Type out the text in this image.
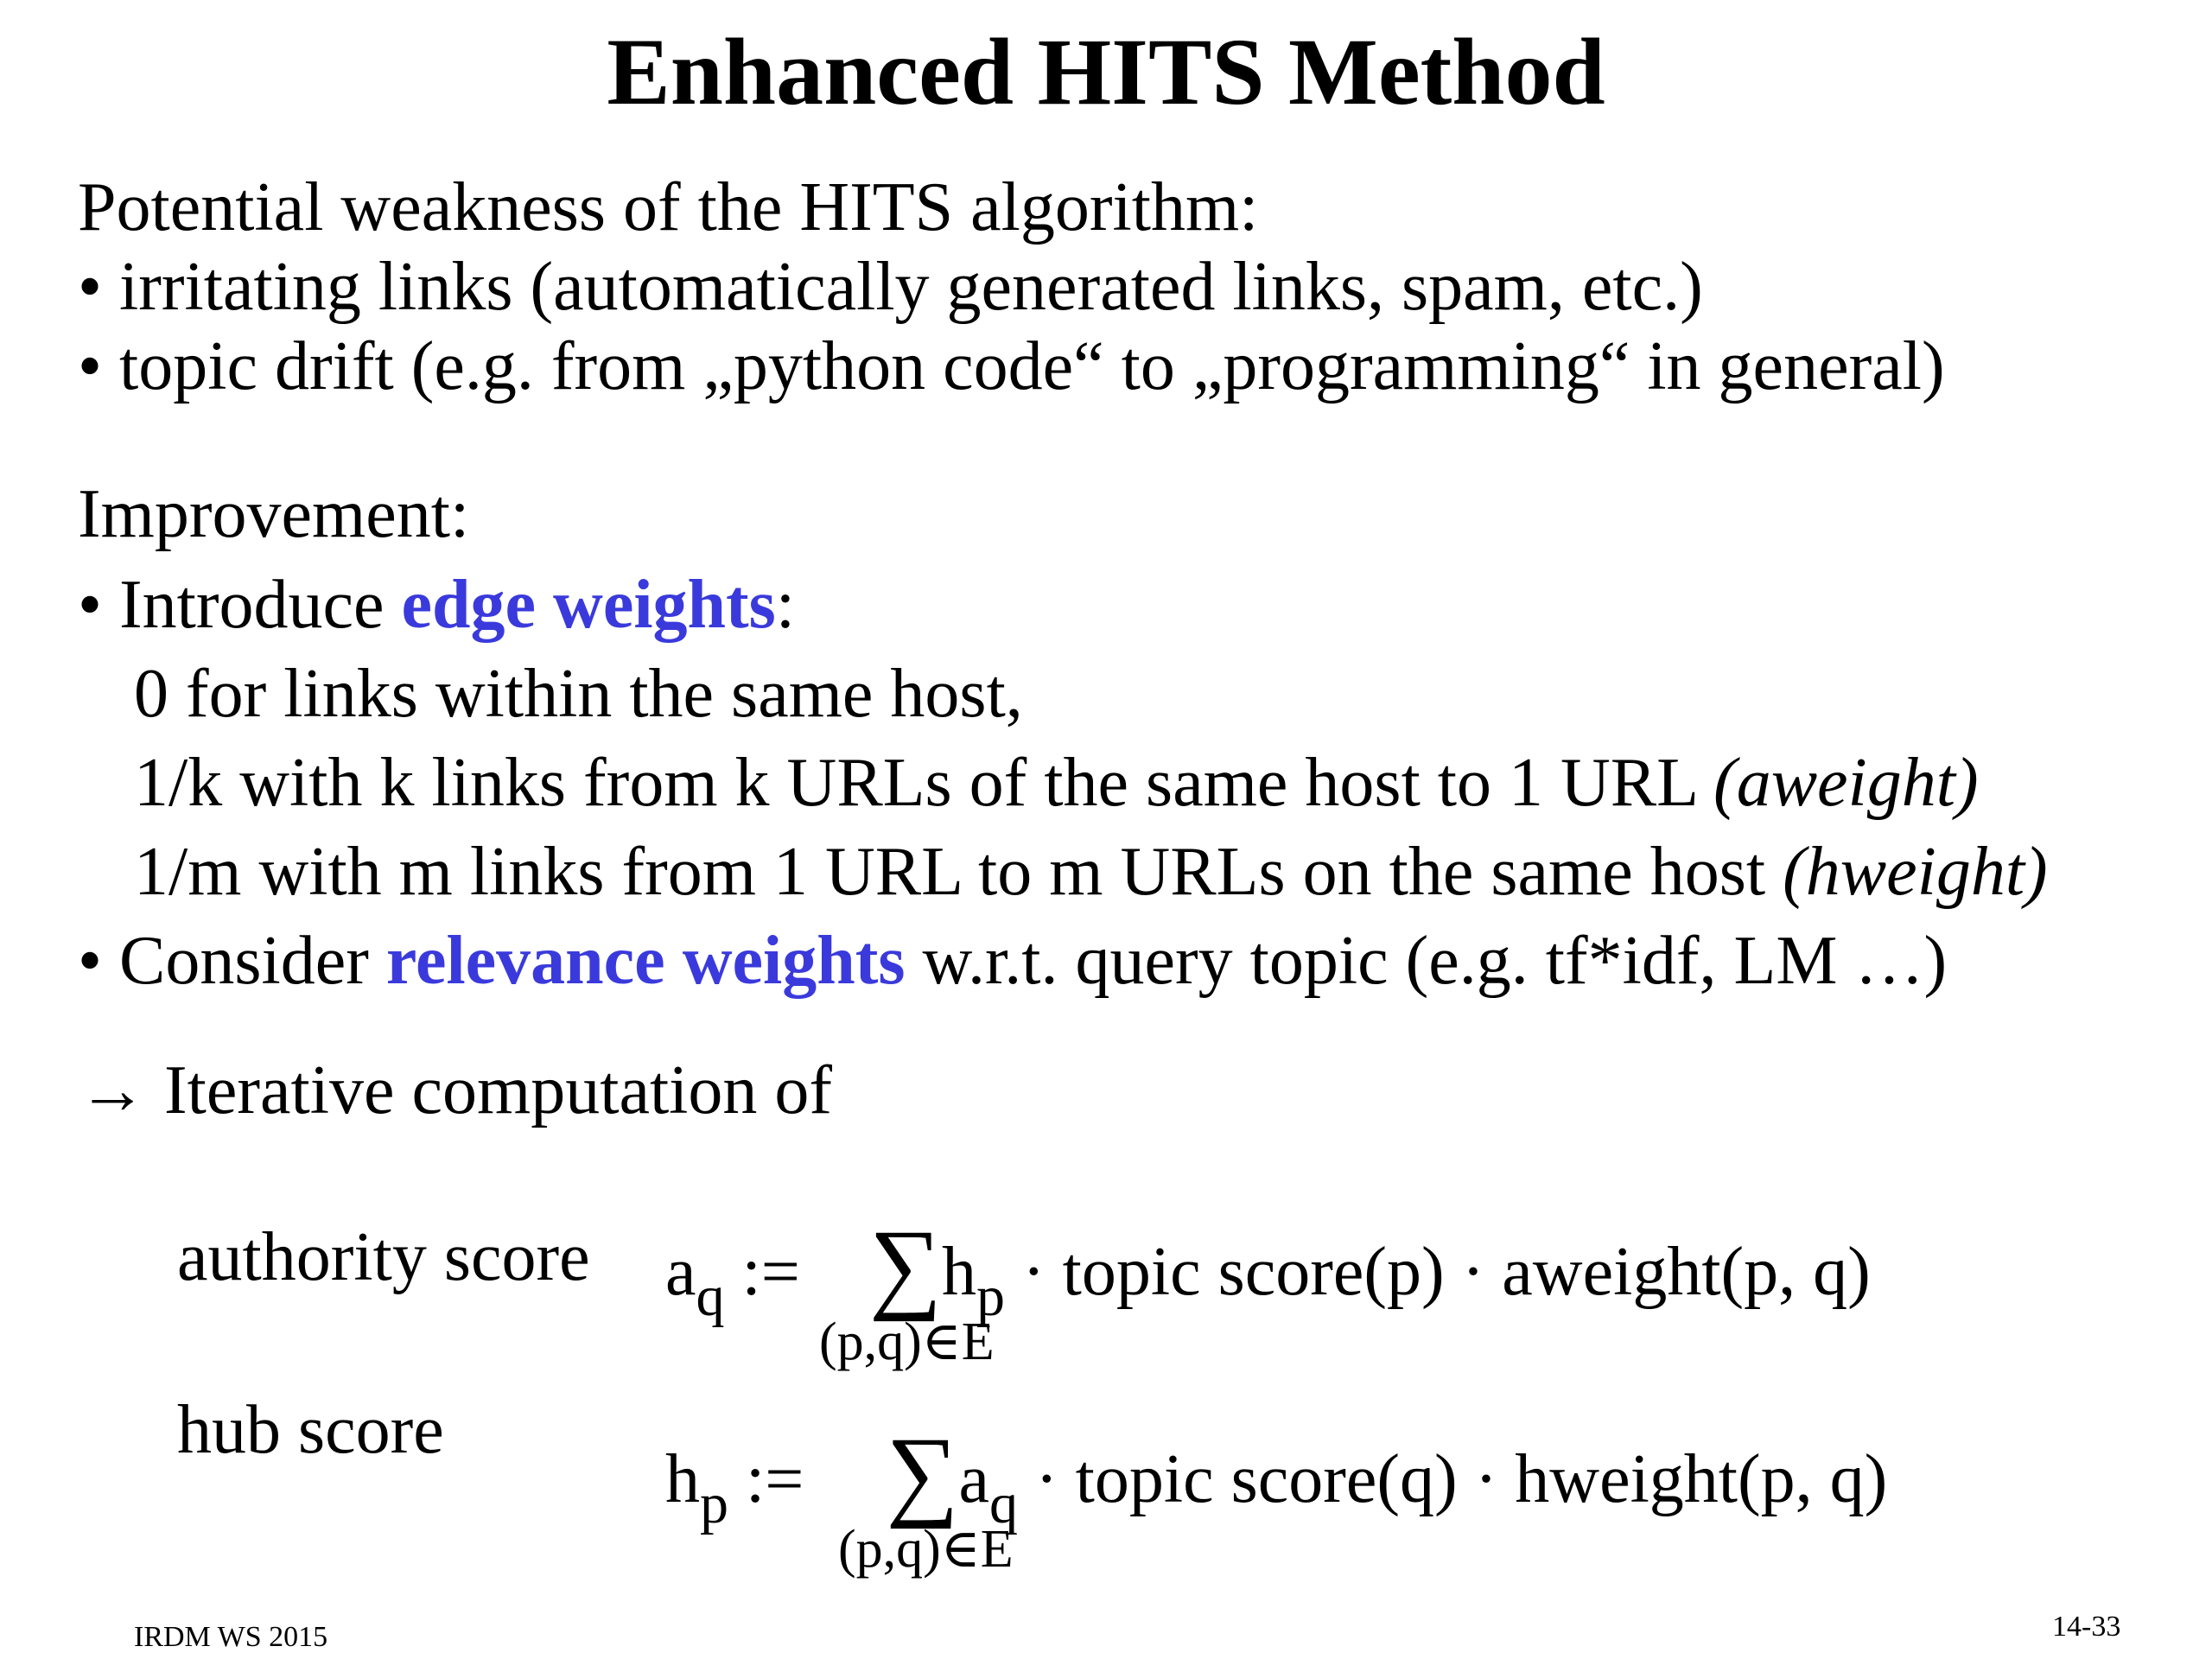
Enhanced HITS Method
Potential weakness of the HITS algorithm:
• irritating links (automatically generated links, spam, etc.)
• topic drift (e.g. from „python code“ to „programming“ in general)
Improvement:
• Introduce edge weights:
0 for links within the same host,
1/k with k links from k URLs of the same host to 1 URL (aweight)
1/m with m links from 1 URL to m URLs on the same host (hweight)
• Consider relevance weights w.r.t. query topic (e.g. tf*idf, LM …)
→ Iterative computation of
authority score $a_q$ := $\sum h_p$ · topic score(p) · aweight(p, q)
(p,q)∈E
hub score
$h_p$ := $\sum a_q$ · topic score(q) · hweight(p, q)
(p,q)∈E
IRDM WS 2015	14-33
